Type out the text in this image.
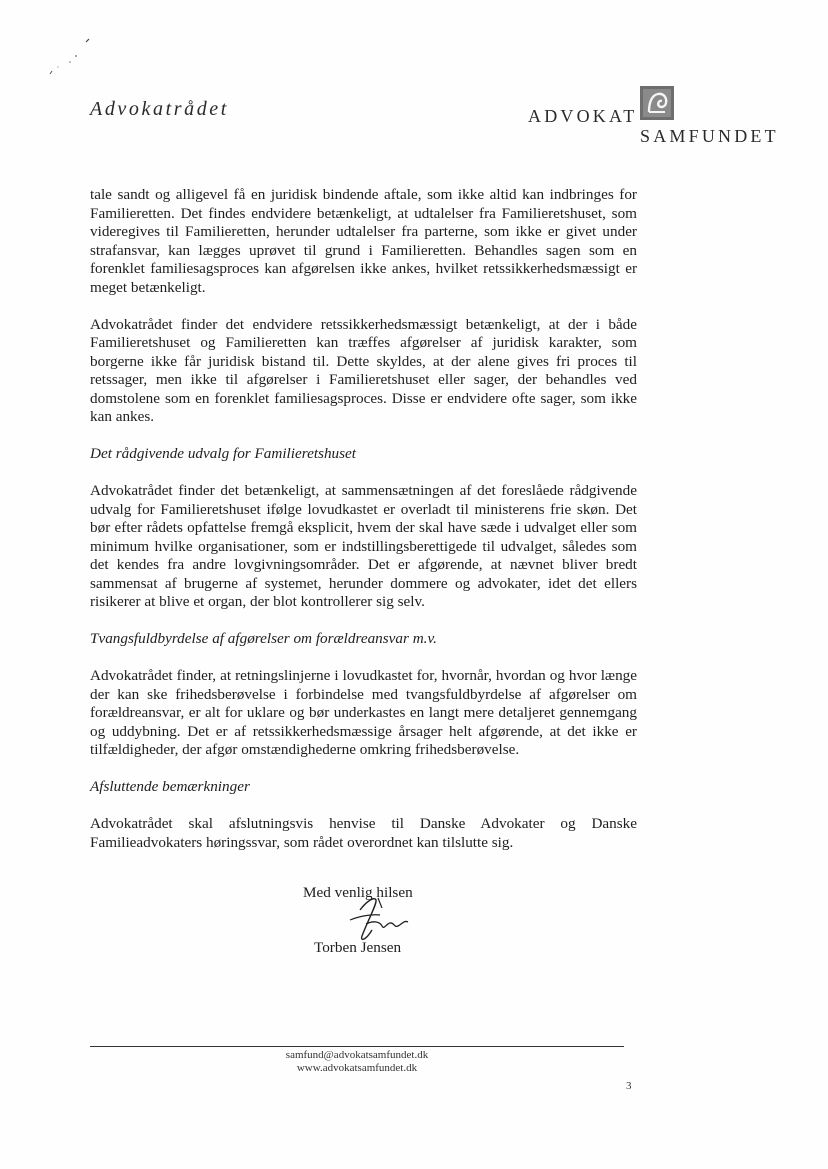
Advokatrådet	ADVOKAT
SAMFUNDET

tale sandt og alligevel få en juridisk bindende aftale, som ikke altid kan indbringes for Familieretten. Det findes endvidere betænkeligt, at udtalelser fra Familieretshuset, som videregives til Familieretten, herunder udtalelser fra parterne, som ikke er givet under strafansvar, kan lægges uprøvet til grund i Familieretten. Behandles sagen som en forenklet familiesagsproces kan afgørelsen ikke ankes, hvilket retssikkerhedsmæssigt er meget betænkeligt.

Advokatrådet finder det endvidere retssikkerhedsmæssigt betænkeligt, at der i både Familieretshuset og Familieretten kan træffes afgørelser af juridisk karakter, som borgerne ikke får juridisk bistand til. Dette skyldes, at der alene gives fri proces til retssager, men ikke til afgørelser i Familieretshuset eller sager, der behandles ved domstolene som en forenklet familiesagsproces. Disse er endvidere ofte sager, som ikke kan ankes.

Det rådgivende udvalg for Familieretshuset

Advokatrådet finder det betænkeligt, at sammensætningen af det foreslåede rådgivende udvalg for Familieretshuset ifølge lovudkastet er overladt til ministerens frie skøn. Det bør efter rådets opfattelse fremgå eksplicit, hvem der skal have sæde i udvalget eller som minimum hvilke organisationer, som er indstillingsberettigede til udvalget, således som det kendes fra andre lovgivningsområder. Det er afgørende, at nævnet bliver bredt sammensat af brugerne af systemet, herunder dommere og advokater, idet det ellers risikerer at blive et organ, der blot kontrollerer sig selv.

Tvangsfuldbyrdelse af afgørelser om forældreansvar m.v.

Advokatrådet finder, at retningslinjerne i lovudkastet for, hvornår, hvordan og hvor længe der kan ske frihedsberøvelse i forbindelse med tvangsfuldbyrdelse af afgørelser om forældreansvar, er alt for uklare og bør underkastes en langt mere detaljeret gennemgang og uddybning. Det er af retssikkerhedsmæssige årsager helt afgørende, at det ikke er tilfældigheder, der afgør omstændighederne omkring frihedsberøvelse.

Afsluttende bemærkninger

Advokatrådet skal afslutningsvis henvise til Danske Advokater og Danske Familieadvokaters høringssvar, som rådet overordnet kan tilslutte sig.

Med venlig hilsen
Torben Jensen
samfund@advokatsamfundet.dk
www.advokatsamfundet.dk
3
